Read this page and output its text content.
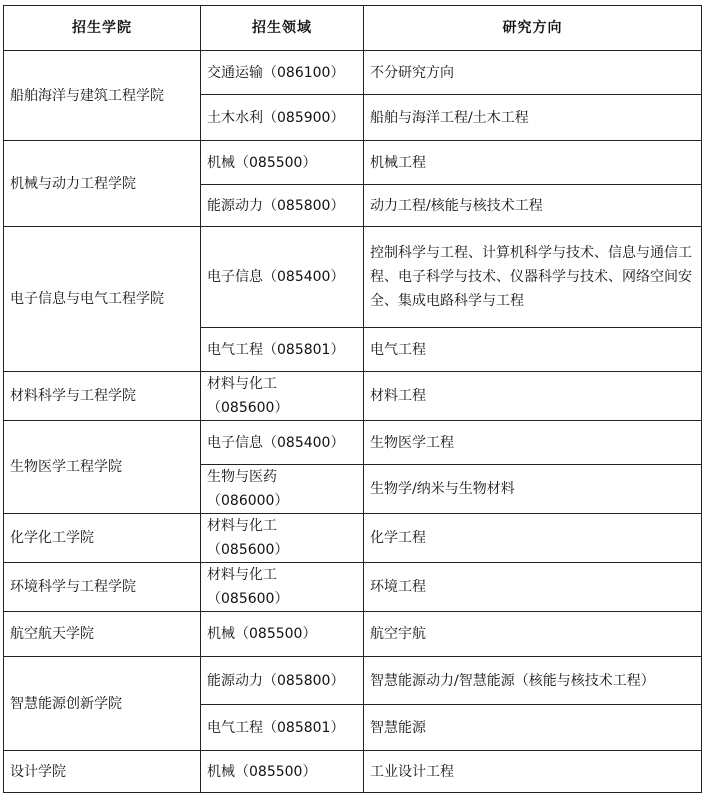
招生学院	招生领域	研究方向
船舶海洋与建筑工程学院	交通运输（086100）	不分研究方向
	土木水利（085900）	船舶与海洋工程/土木工程
机械与动力工程学院	机械（085500）	机械工程
	能源动力（085800）	动力工程/核能与核技术工程
电子信息与电气工程学院	电子信息（085400）	控制科学与工程、计算机科学与技术、信息与通信工程、电子科学与技术、仪器科学与技术、网络空间安全、集成电路科学与工程
	电气工程（085801）	电气工程
材料科学与工程学院	材料与化工（085600）	材料工程
生物医学工程学院	电子信息（085400）	生物医学工程
	生物与医药（086000）	生物学/纳米与生物材料
化学化工学院	材料与化工（085600）	化学工程
环境科学与工程学院	材料与化工（085600）	环境工程
航空航天学院	机械（085500）	航空宇航
智慧能源创新学院	能源动力（085800）	智慧能源动力/智慧能源（核能与核技术工程）
	电气工程（085801）	智慧能源
设计学院	机械（085500）	工业设计工程
